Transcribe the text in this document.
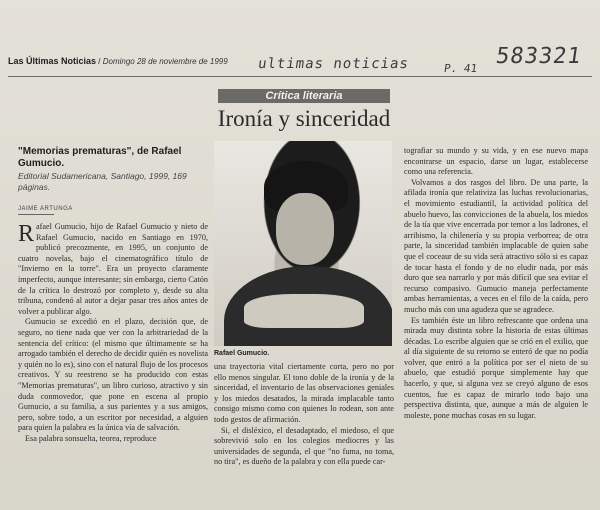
Las Últimas Noticias / Domingo 28 de noviembre de 1999	ultimas noticias	P. 41 583321
Crítica literaria
Ironía y sinceridad
"Memorias prematuras", de Rafael Gumucio.
Editorial Sudamericana, Santiago, 1999, 169 páginas.
JAIME ARTUNGA

Rafael Gumucio, hijo de Rafael Gumucio y nieto de Rafael Gumucio, nacido en Santiago en 1970, publicó precozmente, en 1995, un conjunto de cuatro novelas, bajo el cinematográfico título de "Invierno en la torre". Era un proyecto claramente imperfecto, aunque interesante; sin embargo, cierto Catón de la crítica lo destrozó por completo y, desde su alta tribuna, condenó al autor a dejar pasar tres años antes de volver a publicar algo.

Gumucio se excedió en el plazo, decisión que, de seguro, no tiene nada que ver con la arbitrariedad de la sentencia del crítico: (el mismo que últimamente se ha arrogado también el derecho de decidir quién es novelista y quién no lo es), sino con el natural flujo de los procesos creativos. Y su reestreno se ha producido con estas "Memorias prematuras", un libro curioso, atractivo y sin duda conmovedor, que pone en escena al propio Gumucio, a su familia, a sus parientes y a sus amigos, pero, sobre todo, a un escritor por necesidad, a alguien para quien la palabra es la única vía de salvación.

Esa palabra sonsuelta, teorea, reproduce

Rafael Gumucio.

una trayectoria vital ciertamente corta, pero no por ello menos singular. El tono doble de la ironía y de la sinceridad, el inventario de las observaciones geniales y los miedos desatados, la mirada implacable tanto consigo mismo como con quienes lo rodean, son ante todo gestos de afirmación.

Si, el disléxico, el desadaptado, el miedoso, el que sobrevivió solo en los colegios mediocres y las universidades de segunda, el que "no fuma, no toma, no tira", es dueño de la palabra y con ella puede car-

tografiar su mundo y su vida, y en ese nuevo mapa encontrarse un espacio, darse un lugar, establecerse como una referencia.

Volvamos a dos rasgos del libro. De una parte, la afilada ironía que relativiza las luchas revolucionarias, el movimiento estudiantil, la actividad política del abuelo huevo, las convicciones de la abuela, los miedos de la tía que vive encerrada por temor a los ladrones, el arribismo, la chilenería y su propia verborrea; de otra parte, la sinceridad también implacable de quien sabe que el coceaur de su vida será atractivo sólo si es capaz de tocar hasta el fondo y de no eludir nada, por más duro que sea narrarlo y por más difícil que sea evitar el recurso compasivo. Gumucio maneja perfectamente ambas herramientas, a veces en el filo de la caída, pero mucho más con una agudeza que se agradece.

Es también éste un libro refrescante que ordena una mirada muy distinta sobre la historia de estas últimas décadas. Lo escribe alguien que se crió en el exilio, que al día siguiente de su retorno se enteró de que no podía volver, que entró a la política por ser el nieto de su abuelo, que estudió porque simplemente hay que hacerlo, y que, si alguna vez se creyó alguno de esos cuentos, fue es capaz de mirarlo todo bajo una perspectiva distinta, que, aunque a más de alguien le moleste, pone muchas cosas en su lugar.
